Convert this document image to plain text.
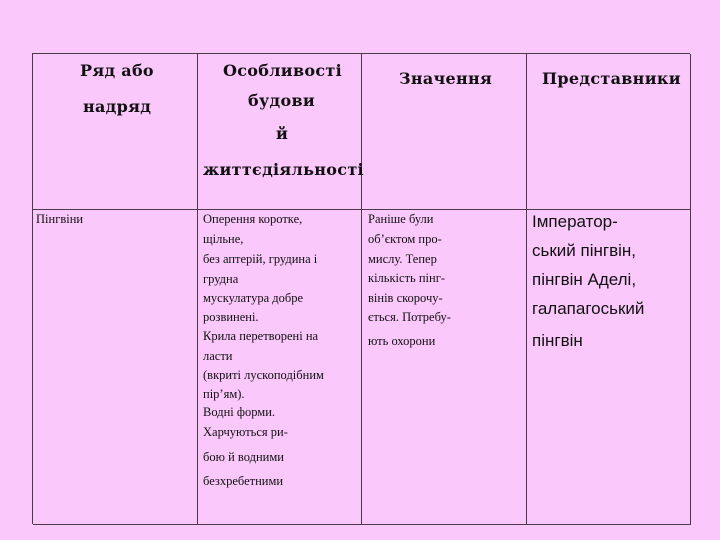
Ряд або
надряд
Особливості
будови
й
життєдіяльності
Значення	Представники
Пінгвіни	Оперення коротке,
щільне,
без аптерій, грудина і
грудна
мускулатура добре
розвинені.
Крила перетворені на
ласти
(вкриті лускоподібним
пір’ям).
Водні форми.
Харчуються ри-
бою й водними
безхребетними
Раніше були
об’єктом про-
мислу. Тепер
кількість пінг-
вінів скорочу-
ється. Потребу-
ють охорони
Імператор-
ський пінгвін,
пінгвін Аделі,
галапагоський
пінгвін
